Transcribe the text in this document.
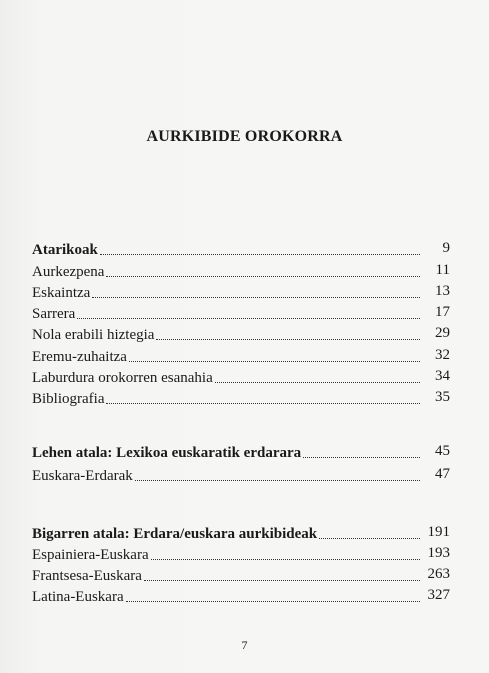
AURKIBIDE OROKORRA
Atarikoak	9
Aurkezpena	11
Eskaintza	13
Sarrera	17
Nola erabili hiztegia	29
Eremu-zuhaitza	32
Laburdura orokorren esanahia	34
Bibliografia	35
Lehen atala: Lexikoa euskaratik erdarara	45
Euskara-Erdarak	47
Bigarren atala: Erdara/euskara aurkibideak	191
Espainiera-Euskara	193
Frantsesa-Euskara	263
Latina-Euskara	327
7
